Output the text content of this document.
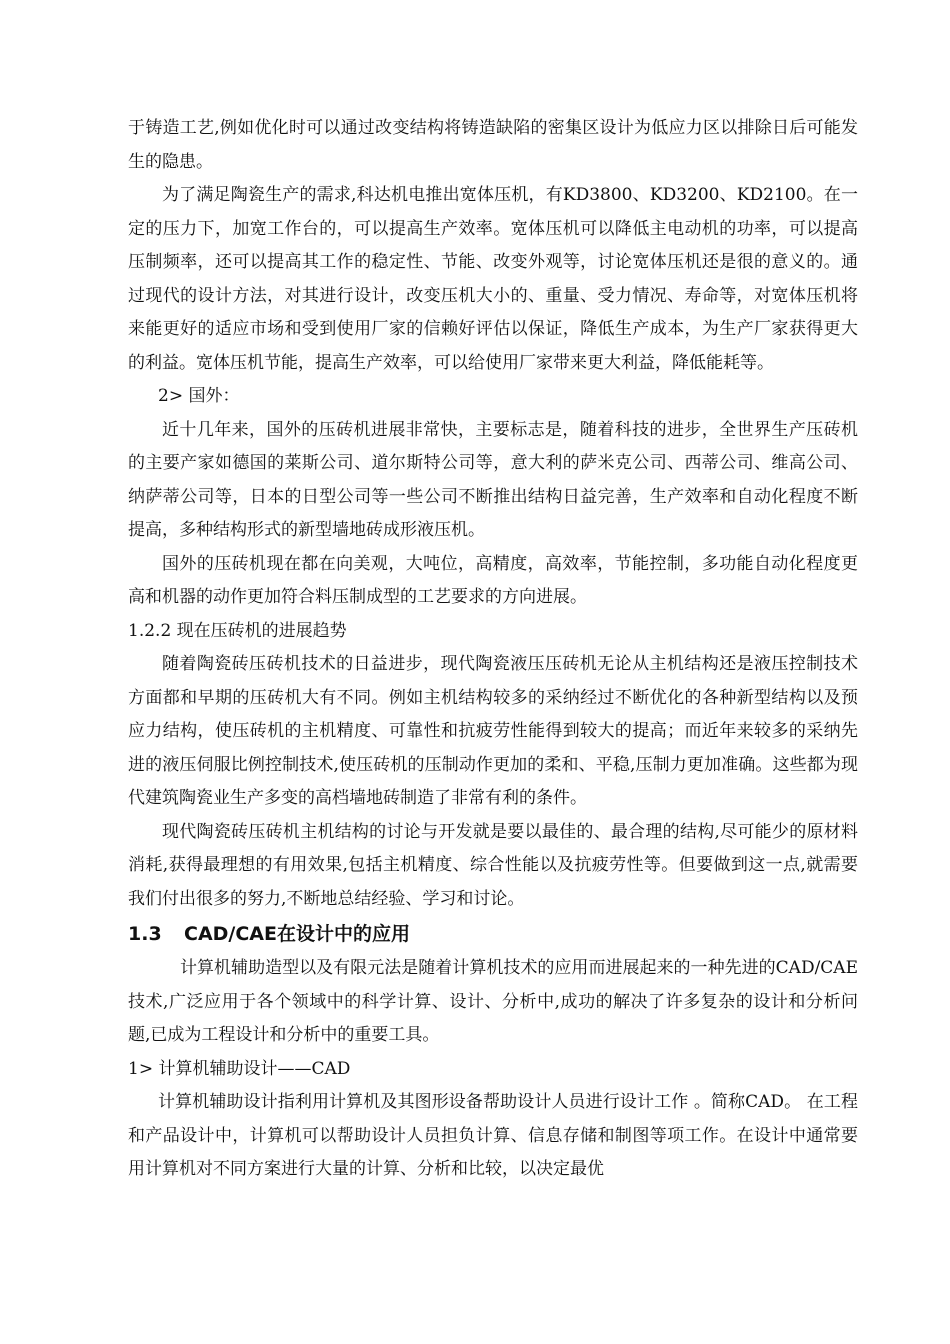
于铸造工艺,例如优化时可以通过改变结构将铸造缺陷的密集区设计为低应力区以排除日后可能发生的隐患。

为了满足陶瓷生产的需求,科达机电推出宽体压机，有KD3800、KD3200、KD2100。在一定的压力下，加宽工作台的，可以提高生产效率。宽体压机可以降低主电动机的功率，可以提高压制频率，还可以提高其工作的稳定性、节能、改变外观等，讨论宽体压机还是很的意义的。通过现代的设计方法，对其进行设计，改变压机大小的、重量、受力情况、寿命等，对宽体压机将来能更好的适应市场和受到使用厂家的信赖好评估以保证，降低生产成本，为生产厂家获得更大的利益。宽体压机节能，提高生产效率，可以给使用厂家带来更大利益，降低能耗等。

2> 国外：

近十几年来，国外的压砖机进展非常快，主要标志是，随着科技的进步，全世界生产压砖机的主要产家如德国的莱斯公司、道尔斯特公司等，意大利的萨米克公司、西蒂公司、维高公司、纳萨蒂公司等，日本的日型公司等一些公司不断推出结构日益完善，生产效率和自动化程度不断提高，多种结构形式的新型墙地砖成形液压机。

国外的压砖机现在都在向美观，大吨位，高精度，高效率，节能控制，多功能自动化程度更高和机器的动作更加符合料压制成型的工艺要求的方向进展。

1.2.2 现在压砖机的进展趋势

随着陶瓷砖压砖机技术的日益进步，现代陶瓷液压压砖机无论从主机结构还是液压控制技术方面都和早期的压砖机大有不同。例如主机结构较多的采纳经过不断优化的各种新型结构以及预应力结构，使压砖机的主机精度、可靠性和抗疲劳性能得到较大的提高；而近年来较多的采纳先进的液压伺服比例控制技术,使压砖机的压制动作更加的柔和、平稳,压制力更加准确。这些都为现代建筑陶瓷业生产多变的高档墙地砖制造了非常有利的条件。

现代陶瓷砖压砖机主机结构的讨论与开发就是要以最佳的、最合理的结构,尽可能少的原材料消耗,获得最理想的有用效果,包括主机精度、综合性能以及抗疲劳性等。但要做到这一点,就需要我们付出很多的努力,不断地总结经验、学习和讨论。

1.3 CAD/CAE在设计中的应用

计算机辅助造型以及有限元法是随着计算机技术的应用而进展起来的一种先进的CAD/CAE技术,广泛应用于各个领域中的科学计算、设计、分析中,成功的解决了许多复杂的设计和分析问题,已成为工程设计和分析中的重要工具。

1> 计算机辅助设计——CAD

计算机辅助设计指利用计算机及其图形设备帮助设计人员进行设计工作 。简称CAD。 在工程和产品设计中，计算机可以帮助设计人员担负计算、信息存储和制图等项工作。在设计中通常要用计算机对不同方案进行大量的计算、分析和比较，以决定最优
